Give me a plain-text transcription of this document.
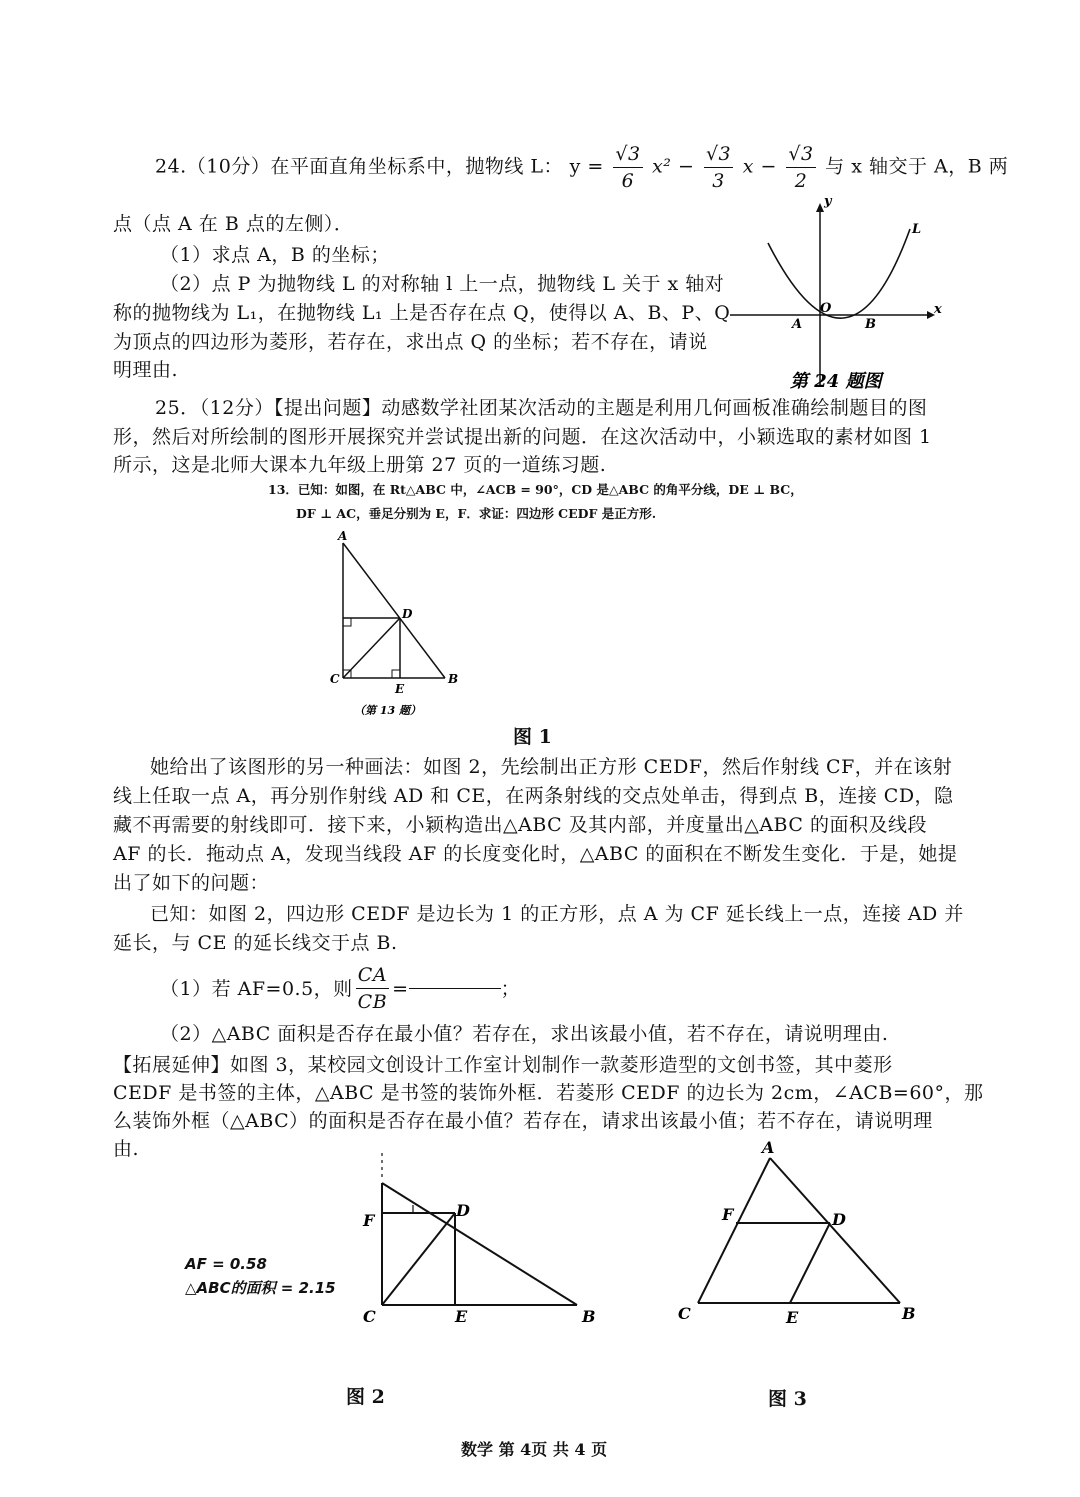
24.（10分）在平面直角坐标系中，抛物线 L： $y = \frac{√3}{6} x^2 - \frac{√3}{3}$ $x - \frac{√3}{2}$ 与 x 轴交于 A，B 两
点（点 A 在 B 点的左侧）．
（1）求点 A，B 的坐标；
（2）点 P 为抛物线 L 的对称轴 l 上一点，抛物线 L 关于 x 轴对
称的抛物线为 L₁，在抛物线 L₁ 上是否存在点 Q，使得以 A、B、P、Q
为顶点的四边形为菱形，若存在，求出点 Q 的坐标；若不存在，请说
明理由.
y
x
O
A	B
L
第 24 题图
25．（12分）【提出问题】动感数学社团某次活动的主题是利用几何画板准确绘制题目的图
形，然后对所绘制的图形开展探究并尝试提出新的问题．在这次活动中，小颖选取的素材如图 1
所示，这是北师大课本九年级上册第 27 页的一道练习题.
13．已知：如图，在 Rt△ABC 中，∠ACB = 90°，CD 是△ABC 的角平分线，DE ⊥ BC，
DF ⊥ AC，垂足分别为 E，F．求证：四边形 CEDF 是正方形.
A
D
C
E
B
（第 13 题）
图 1
她给出了该图形的另一种画法：如图 2，先绘制出正方形 CEDF，然后作射线 CF，并在该射
线上任取一点 A，再分别作射线 AD 和 CE，在两条射线的交点处单击，得到点 B，连接 CD，隐
藏不再需要的射线即可．接下来，小颖构造出△ABC 及其内部，并度量出△ABC 的面积及线段
AF 的长．拖动点 A，发现当线段 AF 的长度变化时，△ABC 的面积在不断发生变化．于是，她提
出了如下的问题：
已知：如图 2，四边形 CEDF 是边长为 1 的正方形，点 A 为 CF 延长线上一点，连接 AD 并
延长，与 CE 的延长线交于点 B.
（1）若 AF=0.5，则 $\frac{CA}{CB}$ =	；
（2）△ABC 面积是否存在最小值？若存在，求出该最小值，若不存在，请说明理由.
【拓展延伸】如图 3，某校园文创设计工作室计划制作一款菱形造型的文创书签，其中菱形
CEDF 是书签的主体，△ABC 是书签的装饰外框．若菱形 CEDF 的边长为 2cm，∠ACB=60°，那
么装饰外框（△ABC）的面积是否存在最小值？若存在，请求出该最小值；若不存在，请说明理
由.
AF = 0.58
△ABC的面积 = 2.15
F
D
C	E	B
图 2
A
F	D
C	E	B
图 3
数学 第 4页 共 4 页
